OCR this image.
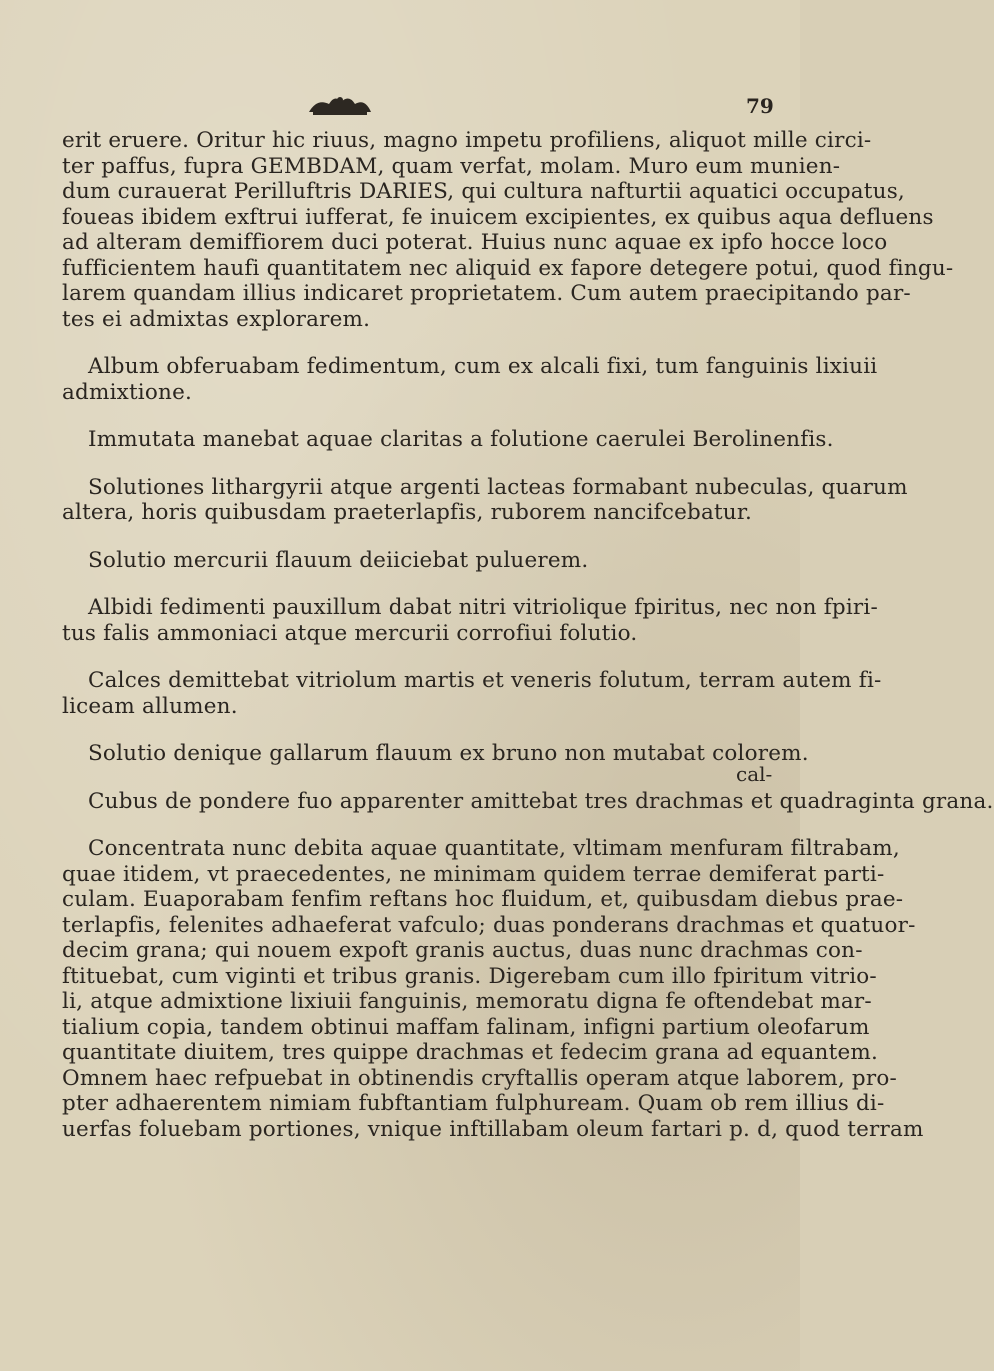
79
erit eruere. Oritur hic riuus, magno impetu profiliens, aliquot mille circi-
ter paffus, fupra GEMBDAM, quam verfat, molam. Muro eum munien-
dum curauerat Perilluftris DARIES, qui cultura nafturtii aquatici occupatus,
foueas ibidem exftrui iufferat, fe inuicem excipientes, ex quibus aqua defluens
ad alteram demiffiorem duci poterat. Huius nunc aquae ex ipfo hocce loco
fufficientem haufi quantitatem nec aliquid ex fapore detegere potui, quod fingu-
larem quandam illius indicaret proprietatem. Cum autem praecipitando par-
tes ei admixtas explorarem.
Album obferuabam fedimentum, cum ex alcali fixi, tum fanguinis lixiuii
admixtione.
Immutata manebat aquae claritas a folutione caerulei Berolinenfis.
Solutiones lithargyrii atque argenti lacteas formabant nubeculas, quarum
altera, horis quibusdam praeterlapfis, ruborem nancifcebatur.
Solutio mercurii flauum deiiciebat puluerem.
Albidi fedimenti pauxillum dabat nitri vitriolique fpiritus, nec non fpiri-
tus falis ammoniaci atque mercurii corrofiui folutio.
Calces demittebat vitriolum martis et veneris folutum, terram autem fi-
liceam allumen.
Solutio denique gallarum flauum ex bruno non mutabat colorem.
Cubus de pondere fuo apparenter amittebat tres drachmas et quadraginta grana.
Concentrata nunc debita aquae quantitate, vltimam menfuram filtrabam,
quae itidem, vt praecedentes, ne minimam quidem terrae demiferat parti-
culam. Euaporabam fenfim reftans hoc fluidum, et, quibusdam diebus prae-
terlapfis, felenites adhaeferat vafculo; duas ponderans drachmas et quatuor-
decim grana; qui nouem expoft granis auctus, duas nunc drachmas con-
ftituebat, cum viginti et tribus granis. Digerebam cum illo fpiritum vitrio-
li, atque admixtione lixiuii fanguinis, memoratu digna fe oftendebat mar-
tialium copia, tandem obtinui maffam falinam, infigni partium oleofarum
quantitate diuitem, tres quippe drachmas et fedecim grana ad equantem.
Omnem haec refpuebat in obtinendis cryftallis operam atque laborem, pro-
pter adhaerentem nimiam fubftantiam fulphuream. Quam ob rem illius di-
uerfas foluebam portiones, vnique inftillabam oleum fartari p. d, quod terram
cal-
